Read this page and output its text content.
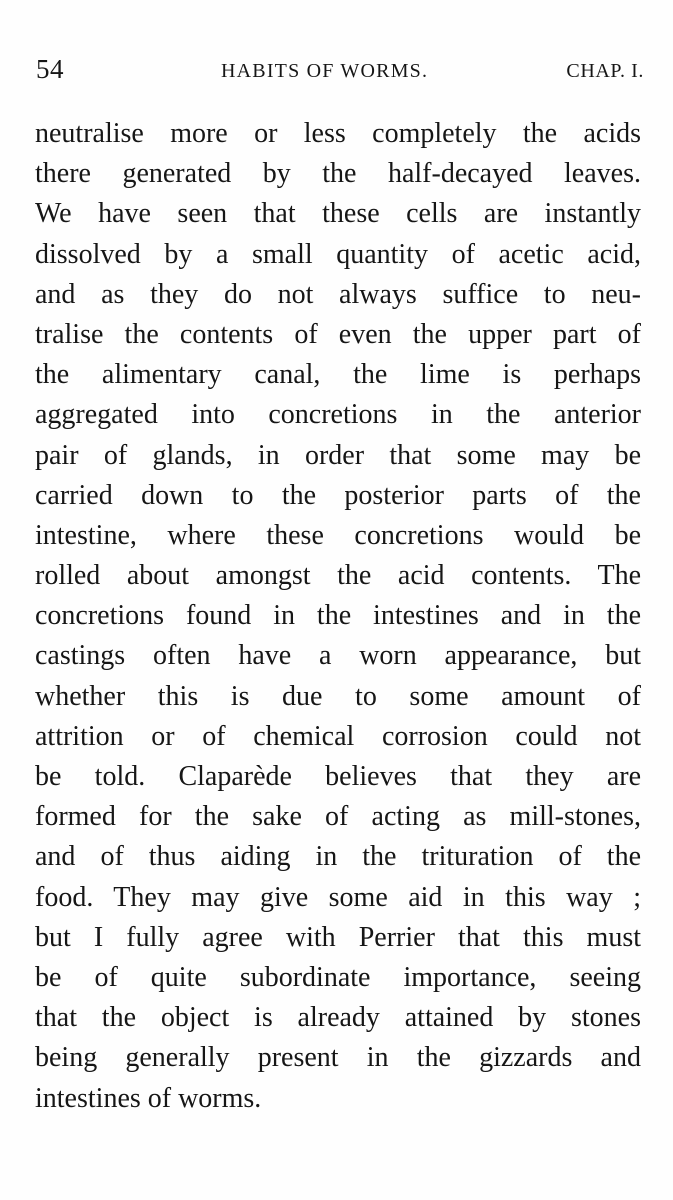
54	HABITS OF WORMS.	CHAP. I.
neutralise more or less completely the acids
there generated by the half-decayed leaves.
We have seen that these cells are instantly
dissolved by a small quantity of acetic acid,
and as they do not always suffice to neu-
tralise the contents of even the upper part of
the alimentary canal, the lime is perhaps
aggregated into concretions in the anterior
pair of glands, in order that some may be
carried down to the posterior parts of the
intestine, where these concretions would be
rolled about amongst the acid contents. The
concretions found in the intestines and in the
castings often have a worn appearance, but
whether this is due to some amount of
attrition or of chemical corrosion could not
be told. Claparède believes that they are
formed for the sake of acting as mill-stones,
and of thus aiding in the trituration of the
food. They may give some aid in this way ;
but I fully agree with Perrier that this must
be of quite subordinate importance, seeing
that the object is already attained by stones
being generally present in the gizzards and
intestines of worms.
